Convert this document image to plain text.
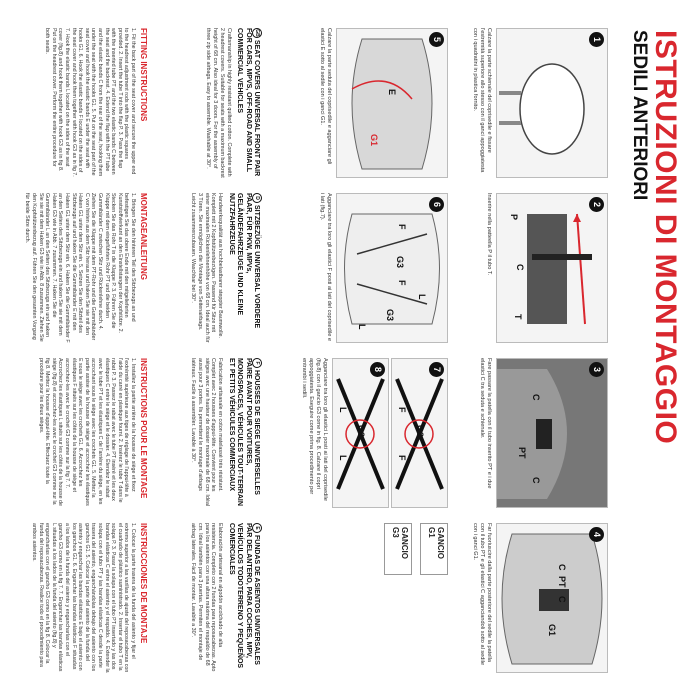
ISTRUZIONI DI MONTAGGIO
SEDILI ANTERIORI
1
Calzare la parte schienale del coprisedile e fissare l'estremità superiore allo stesso con il ganci appoggiatesta con i quadratini in plastica fornito.
2
P
C
T
Inserire nella patteella P il tubo T.
3
C
PT
C
Fare passare la patella con il tubo inserito PT e i due elastici C tra seduta e schienale.
4
C
PT
C
G1
Far fuoriuscire dalla parte posteriore del sedile la patella con il tubo PT e gli elastici C agganciandoli sotto al sedile con i ganci G1.
5
E
G1
Calzare la parte seduta del coprisedile e agganciare gli elastici E sotto al sedile con i ganci G1.
6
F
G3
F
L
G3
L
Agganciare tra loro gli elastici F posti ai lati del coprisedile e i lati (fig.7).
7
G3
F
F
8
G3
L
L
Agganciare tra loro gli elastici L posti ai lati del coprisedile (fig.8) con il gancio G3 come in fig. 8. Calzare il copri appoggiatesta. Eseguire come prima procedimento per entrambi i sedili.
GANCIO
G1
GANCIO
G3
GBSEAT COVERS UNIVERSAL FRONT PAIR FOR CARS, MPVS, OFF-ROAD AND SMALL COMMERCIAL VEHICLES

Craftsmanship in highly resistant quilted cotton. Complete with 2 headrest covers. Suitable for seats with a maximum backrest height of 68 cm. Also ideal for 3 doors. For the assembly of three zip side airbags. Easy to assemble. Washable at 30°.

DSITZBEZÜGE UNIVERSAL VORDERE PAAR, FÜR PKW, MPVs, GELÄNDEFAHRZEUGE UND KLEINE NUTZFAHRZEUGE

Handwerksqualität aus hochbelastbarer steppter Baumwolle. Komplett mit 2 Kopfstützenbezügen. Passend für Sitze mit einer maximalen Rückenlehnenhöhe von 68 cm. Ideal auch für 3 Türen. Sie ermöglichen die Montage von Seitenairbags. Leicht zusammenzubauen. Waschbar bei 30°.

FHOUSSES DE SIEGE UNIVERSELLES PAIRE AVANT POUR VOITURES, MONOSPACES, VÉHICULES TOUT-TERRAIN ET PETITS VÉHICULES COMMERCIAUX

Fabrication artisanale en coton matelassé très résistant. Complet avec 2 housses d'appui-tête. Convient pour les sièges avec une hauteur de dossier maximale de 68 cm. Idéal aussi pour 3 portes. Ils permettent le montage d'airbags latéraux. Facile à assembler. Lavable à 30°.

EFUNDAS DE ASIENTOS UNIVERSALES PAR DELANTERO, PARA COCHES, MPV, VEHÍCULOS TODOTERRENO Y PEQUEÑOS COMERCIALES

Elaboración artesanal en algodón acolchado de alta resistencia. Completo con 2 fundas para reposacabezas. Apto para los asientos con una altura máxima del respaldo de 68 cm. Ideal también para 3 puertas. Permiten el montaje de airbag laterales. Fácil de montar. Lavable a 30°.

FITTING INSTRUCTIONS

1. Fit the back part of the seat cover and secure the upper end to the headrest adjustment rods with the plastic squares provided. 2. Insert the tube T into the flap P. 3. Pass the flap with the inserted tube PT and the two elastic bands C between the seat and the backrest. 4. Extend the flap with the PT tube and the elastic bands C from the rear of the seat, hooking them under the seat with the hooks G1. 5. Put on the seat part of the seat cover and hook the elastic bands E under the seat with hooks G1. 6. Hook the elastic bands F located on the sides of the seat cover and hook them together with hook G3 as in fig 7. 7. Hook the elastic bands L located on the sides of the seat cover (fig.8) and hook them together with hook G3 as in fig 8. Put on the headrest cover. Perform the entire procedure for both seats.

MONTAGEANLEITUNG

1. Bringen Sie den hinteren Teil des Sitzbezugs an und befestigen Sie das obere Ende mit den mitgelieferten Kunststoffvierkant an den Einstellstangen der Kopfstütze. 2. Stecken Sie das Rohr T in die Klappe P. 3. Führen Sie die Klappe mit dem eingeführten Rohr PT und die beiden Gummibänder C zwischen Sitz und Rückenlehne durch. 4. Ziehen Sie die Klappe mit dem PT-Rohr und die Gummibänder C von hinten aus dem Sitz heraus und haken Sie sie mit den Haken G1 unter dem Sitz ein. 5. Setzen Sie den Sitzteil des Sitzbezugs auf und haken Sie die Gummibänder E mit den Haken G1 unter dem Sitz ein. 6. Haken Sie die Gummibänder F an den Seiten des Sitzbezugs ein und haken Sie sie mit dem Haken G3 wie in Abb. 7 zusammen. 7. Haken Sie die Gummibänder L an den Seiten des Sitzbezugs ein und haken Sie sie mit dem Haken G3 wie in Abb. 8 zusammen. Ziehen Sie den Kopfstützenbezug auf. Führen Sie den gesamten Vorgang für beide Sitze durch.

INSTRUCTIONS POUR LE MONTAGE

1. Installez la partie arrière de la housse de siège et fixez l'extrémité supérieure aux tiges de réglage de l'appui-tête à l'aide du carré en plastique fourni. 2. Insérez le tube T dans le rabat P. 3. Passez le rabat avec le tube PT inséré et les deux élastiques C entre le siège et le dossier. 4. Étendez le rabat avec le tube PT et les élastiques C de l'arrière du siège, en les accrochant sous le siège avec les crochets G1. 5. Mettez la partie assise de la housse de siège et accrochez les élastiques E sous le siège avec les crochets G1. 6. Accrochez les élastiques F situés sur les côtés de la housse de siège et accrochez-les avec le crochet G3 comme sur la fig 7. 7. Accrochez les élastiques L situés sur les côtés de la housse de siège (fig.8) et accrochez-les avec le crochet G3 comme sur la fig 8. Mettez la housse d'appui-tête. Effectuez toute la procédure pour les deux sièges.

INSTRUCCIONES DE MONTAJE

1. Colocar la parte trasera de la funda del asiento y fijar el extremo superior a las varillas de ajuste del reposacabezas con el cuadrado de plástico suministrado. 2. Insertar el tubo T en la solapa P. 3. Pasar la solapa con el tubo PT insertado y las dos bandas elásticas C entre el asiento y el respaldo. 4. Extender la solapa con el tubo PT y las bandas elásticas C desde la parte trasera del asiento, enganchándolas debajo del asiento con los ganchos G1. 5. Colocar la parte del asiento de la funda del asiento y enganchar las bandas elásticas E bajo el asiento con los ganchos G1. 6. Enganchar las bandas elásticas F situadas a los lados de la funda del asiento y engancharlas con el gancho G3 como en la fig 7. 7. Enganchar las bandas elásticas L situadas a los lados de la funda del asiento (fig.8) y engancharlas con el gancho G3 como en la fig 8. Colocar la funda del reposacabezas. Realice todo el procedimiento para ambos asientos.
